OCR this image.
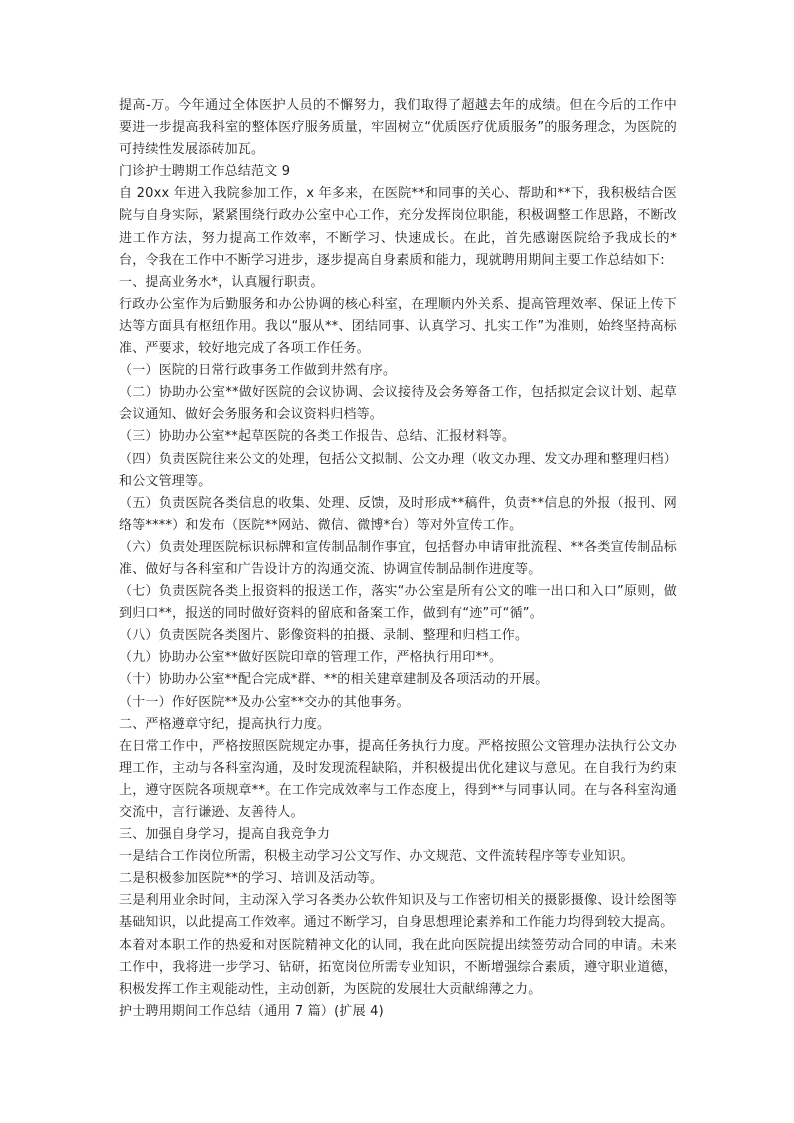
提高-万。今年通过全体医护人员的不懈努力，我们取得了超越去年的成绩。但在今后的工作中要进一步提高我科室的整体医疗服务质量，牢固树立“优质医疗优质服务”的服务理念，为医院的可持续性发展添砖加瓦。

门诊护士聘期工作总结范文 9

自 20xx 年进入我院参加工作，x 年多来，在医院**和同事的关心、帮助和**下，我积极结合医院与自身实际，紧紧围绕行政办公室中心工作，充分发挥岗位职能，积极调整工作思路，不断改进工作方法，努力提高工作效率，不断学习、快速成长。在此，首先感谢医院给予我成长的*台，令我在工作中不断学习进步，逐步提高自身素质和能力，现就聘用期间主要工作总结如下:

一、提高业务水*，认真履行职责。

行政办公室作为后勤服务和办公协调的核心科室，在理顺内外关系、提高管理效率、保证上传下达等方面具有枢纽作用。我以“服从**、团结同事、认真学习、扎实工作”为准则，始终坚持高标准、严要求，较好地完成了各项工作任务。

（一）医院的日常行政事务工作做到井然有序。

（二）协助办公室**做好医院的会议协调、会议接待及会务筹备工作，包括拟定会议计划、起草会议通知、做好会务服务和会议资料归档等。

（三）协助办公室**起草医院的各类工作报告、总结、汇报材料等。

（四）负责医院往来公文的处理，包括公文拟制、公文办理（收文办理、发文办理和整理归档）和公文管理等。

（五）负责医院各类信息的收集、处理、反馈，及时形成**稿件，负责**信息的外报（报刊、网络等****）和发布（医院**网站、微信、微博*台）等对外宣传工作。

（六）负责处理医院标识标牌和宣传制品制作事宜，包括督办申请审批流程、**各类宣传制品标准、做好与各科室和广告设计方的沟通交流、协调宣传制品制作进度等。

（七）负责医院各类上报资料的报送工作，落实“办公室是所有公文的唯一出口和入口”原则，做到归口**，报送的同时做好资料的留底和备案工作，做到有“迹”可“循”。

（八）负责医院各类图片、影像资料的拍摄、录制、整理和归档工作。

（九）协助办公室**做好医院印章的管理工作，严格执行用印**。

（十）协助办公室**配合完成*群、**的相关建章建制及各项活动的开展。

（十一）作好医院**及办公室**交办的其他事务。

二、严格遵章守纪，提高执行力度。

在日常工作中，严格按照医院规定办事，提高任务执行力度。严格按照公文管理办法执行公文办理工作，主动与各科室沟通，及时发现流程缺陷，并积极提出优化建议与意见。在自我行为约束上，遵守医院各项规章**。在工作完成效率与工作态度上，得到**与同事认同。在与各科室沟通交流中，言行谦逊、友善待人。

三、加强自身学习，提高自我竞争力

一是结合工作岗位所需，积极主动学习公文写作、办文规范、文件流转程序等专业知识。

二是积极参加医院**的学习、培训及活动等。

三是利用业余时间，主动深入学习各类办公软件知识及与工作密切相关的摄影摄像、设计绘图等基础知识，以此提高工作效率。通过不断学习，自身思想理论素养和工作能力均得到较大提高。

本着对本职工作的热爱和对医院精神文化的认同，我在此向医院提出续签劳动合同的申请。未来工作中，我将进一步学习、钻研，拓宽岗位所需专业知识，不断增强综合素质，遵守职业道德，积极发挥工作主观能动性，主动创新，为医院的发展壮大贡献绵薄之力。

护士聘用期间工作总结（通用 7 篇）(扩展 4)
